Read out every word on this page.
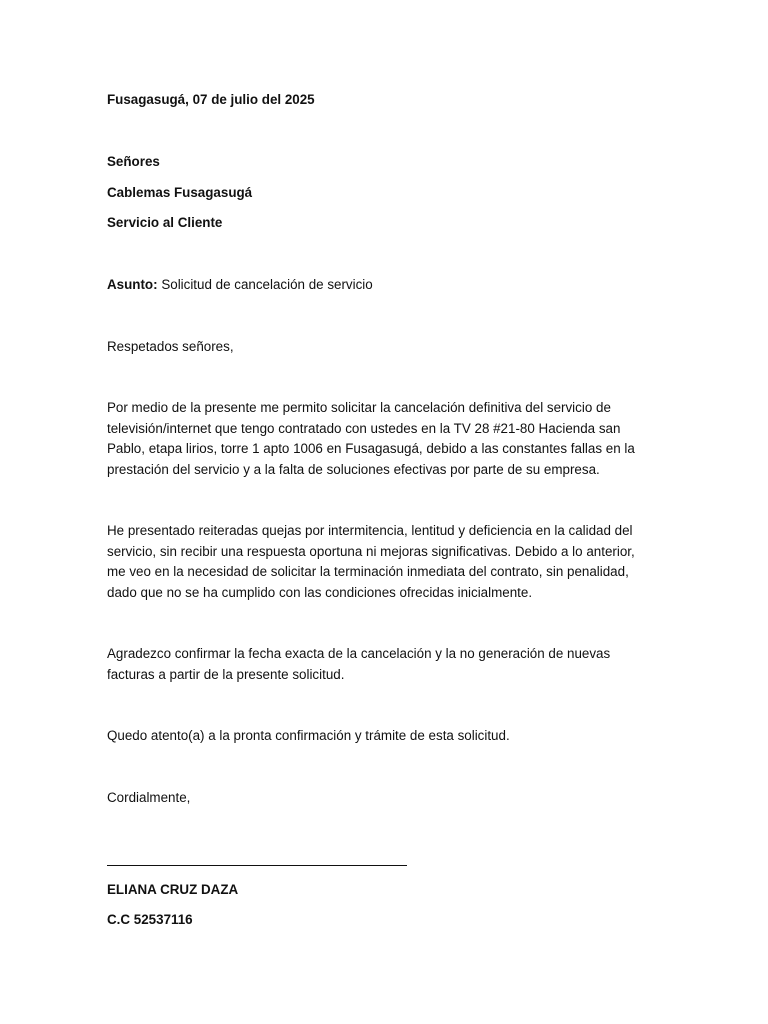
Fusagasugá, 07 de julio del 2025

Señores

Cablemas Fusagasugá

Servicio al Cliente

Asunto: Solicitud de cancelación de servicio

Respetados señores,

Por medio de la presente me permito solicitar la cancelación definitiva del servicio de
televisión/internet que tengo contratado con ustedes en la TV 28 #21-80 Hacienda san
Pablo, etapa lirios, torre 1 apto 1006 en Fusagasugá, debido a las constantes fallas en la
prestación del servicio y a la falta de soluciones efectivas por parte de su empresa.
He presentado reiteradas quejas por intermitencia, lentitud y deficiencia en la calidad del
servicio, sin recibir una respuesta oportuna ni mejoras significativas. Debido a lo anterior,
me veo en la necesidad de solicitar la terminación inmediata del contrato, sin penalidad,
dado que no se ha cumplido con las condiciones ofrecidas inicialmente.
Agradezco confirmar la fecha exacta de la cancelación y la no generación de nuevas
facturas a partir de la presente solicitud.

Quedo atento(a) a la pronta confirmación y trámite de esta solicitud.

Cordialmente,

ELIANA CRUZ DAZA

C.C 52537116
